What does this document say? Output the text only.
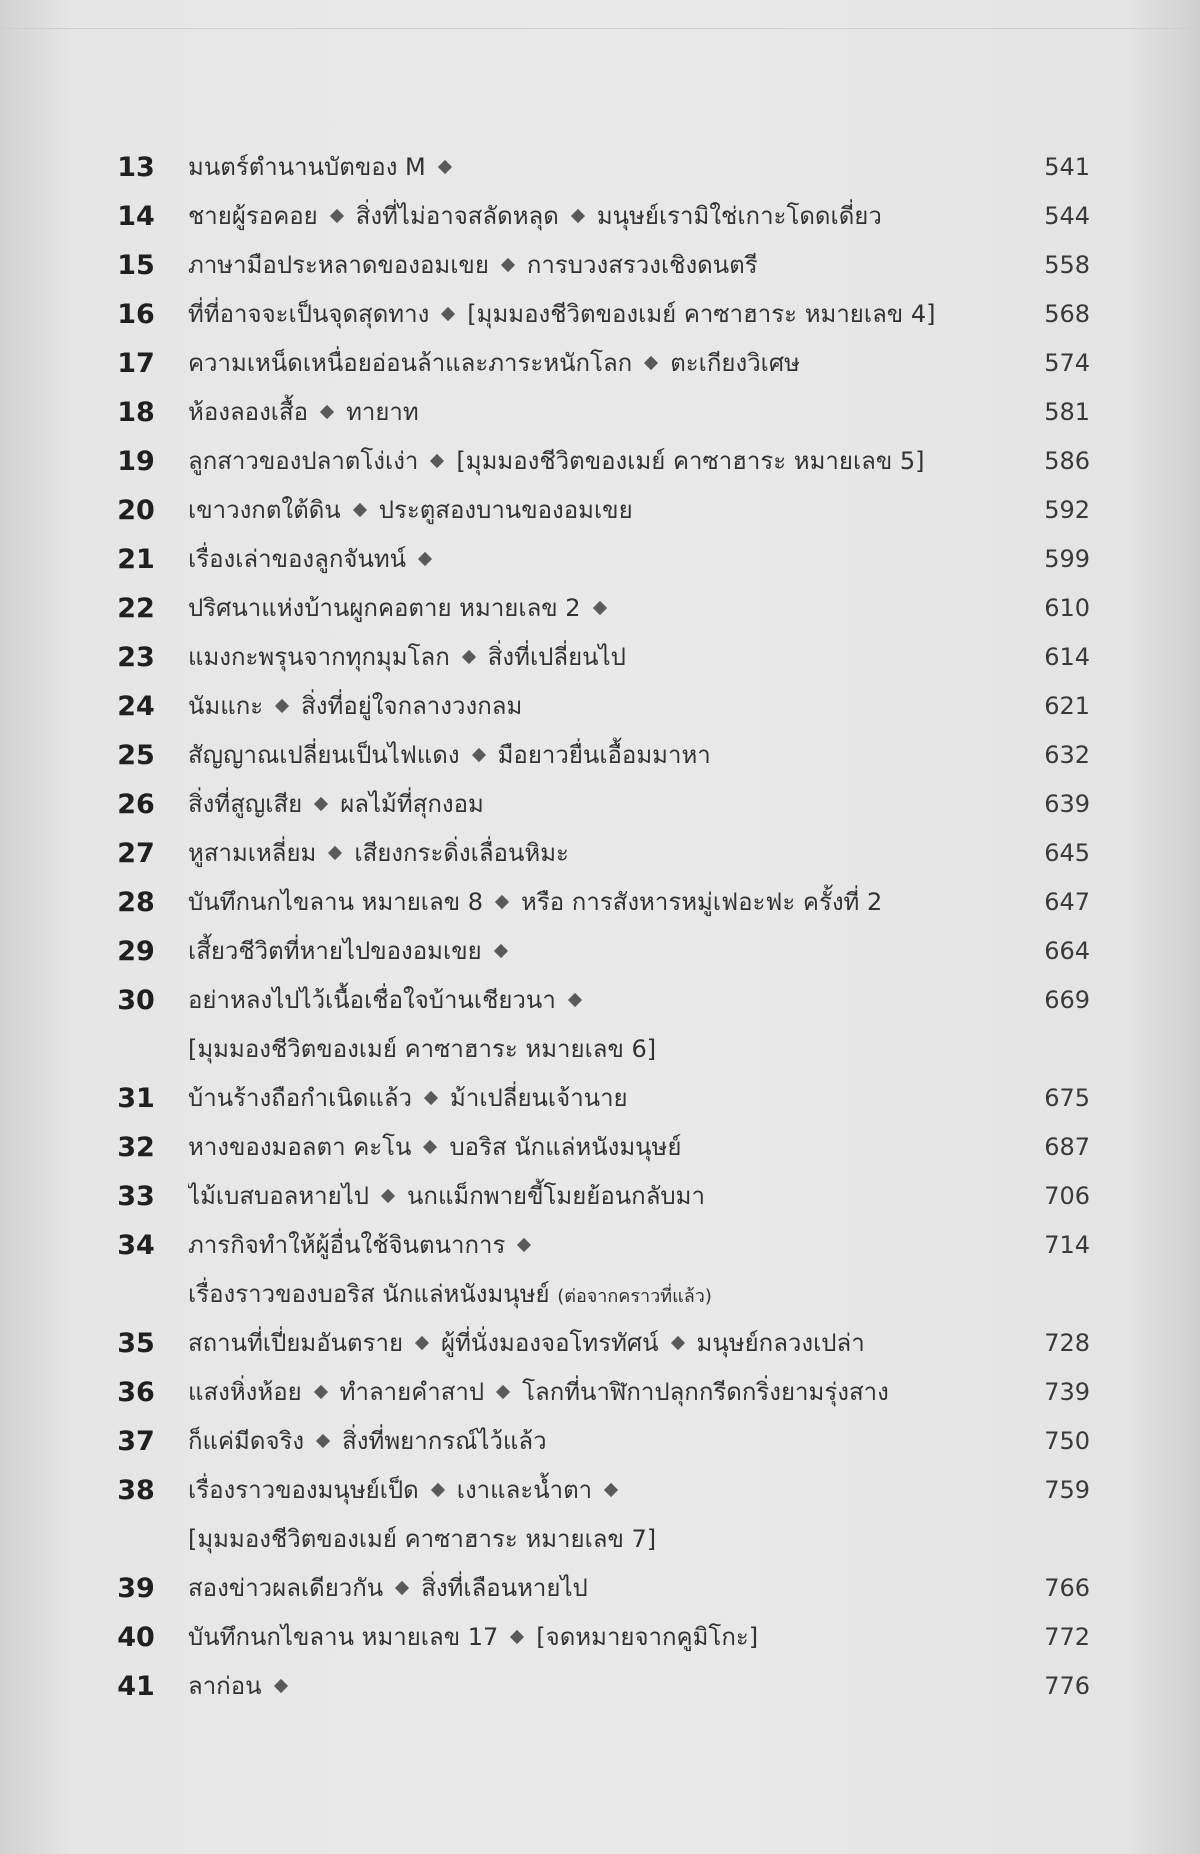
13	มนตร์ตำนานบัตของ M	541
14	ชายผู้รอคอย สิ่งที่ไม่อาจสลัดหลุด มนุษย์เรามิใช่เกาะโดดเดี่ยว	544
15	ภาษามือประหลาดของอมเขย การบวงสรวงเชิงดนตรี	558
16	ที่ที่อาจจะเป็นจุดสุดทาง [มุมมองชีวิตของเมย์ คาซาฮาระ หมายเลข 4]	568
17	ความเหน็ดเหนื่อยอ่อนล้าและภาระหนักโลก ตะเกียงวิเศษ	574
18	ห้องลองเสื้อ ทายาท	581
19	ลูกสาวของปลาตโง่เง่า [มุมมองชีวิตของเมย์ คาซาฮาระ หมายเลข 5]	586
20	เขาวงกตใต้ดิน ประตูสองบานของอมเขย	592
21	เรื่องเล่าของลูกจันทน์	599
22	ปริศนาแห่งบ้านผูกคอตาย หมายเลข 2	610
23	แมงกะพรุนจากทุกมุมโลก สิ่งที่เปลี่ยนไป	614
24	นัมแกะ สิ่งที่อยู่ใจกลางวงกลม	621
25	สัญญาณเปลี่ยนเป็นไฟแดง มือยาวยื่นเอื้อมมาหา	632
26	สิ่งที่สูญเสีย ผลไม้ที่สุกงอม	639
27	หูสามเหลี่ยม เสียงกระดิ่งเลื่อนหิมะ	645
28	บันทึกนกไขลาน หมายเลข 8 หรือ การสังหารหมู่เฟอะฟะ ครั้งที่ 2	647
29	เสี้ยวชีวิตที่หายไปของอมเขย	664
30	อย่าหลงไปไว้เนื้อเชื่อใจบ้านเชียวนา	669
[มุมมองชีวิตของเมย์ คาซาฮาระ หมายเลข 6]
31	บ้านร้างถือกำเนิดแล้ว ม้าเปลี่ยนเจ้านาย	675
32	หางของมอลตา คะโน บอริส นักแล่หนังมนุษย์	687
33	ไม้เบสบอลหายไป นกแม็กพายขี้โมยย้อนกลับมา	706
34	ภารกิจทำให้ผู้อื่นใช้จินตนาการ	714
เรื่องราวของบอริส นักแล่หนังมนุษย์ (ต่อจากคราวที่แล้ว)
35	สถานที่เปี่ยมอันตราย ผู้ที่นั่งมองจอโทรทัศน์ มนุษย์กลวงเปล่า	728
36	แสงหิ่งห้อย ทำลายคำสาป โลกที่นาฬิกาปลุกกรีดกริ่งยามรุ่งสาง	739
37	ก็แค่มีดจริง สิ่งที่พยากรณ์ไว้แล้ว	750
38	เรื่องราวของมนุษย์เป็ด เงาและน้ำตา	759
[มุมมองชีวิตของเมย์ คาซาฮาระ หมายเลข 7]
39	สองข่าวผลเดียวกัน สิ่งที่เลือนหายไป	766
40	บันทึกนกไขลาน หมายเลข 17 [จดหมายจากคูมิโกะ]	772
41	ลาก่อน	776
